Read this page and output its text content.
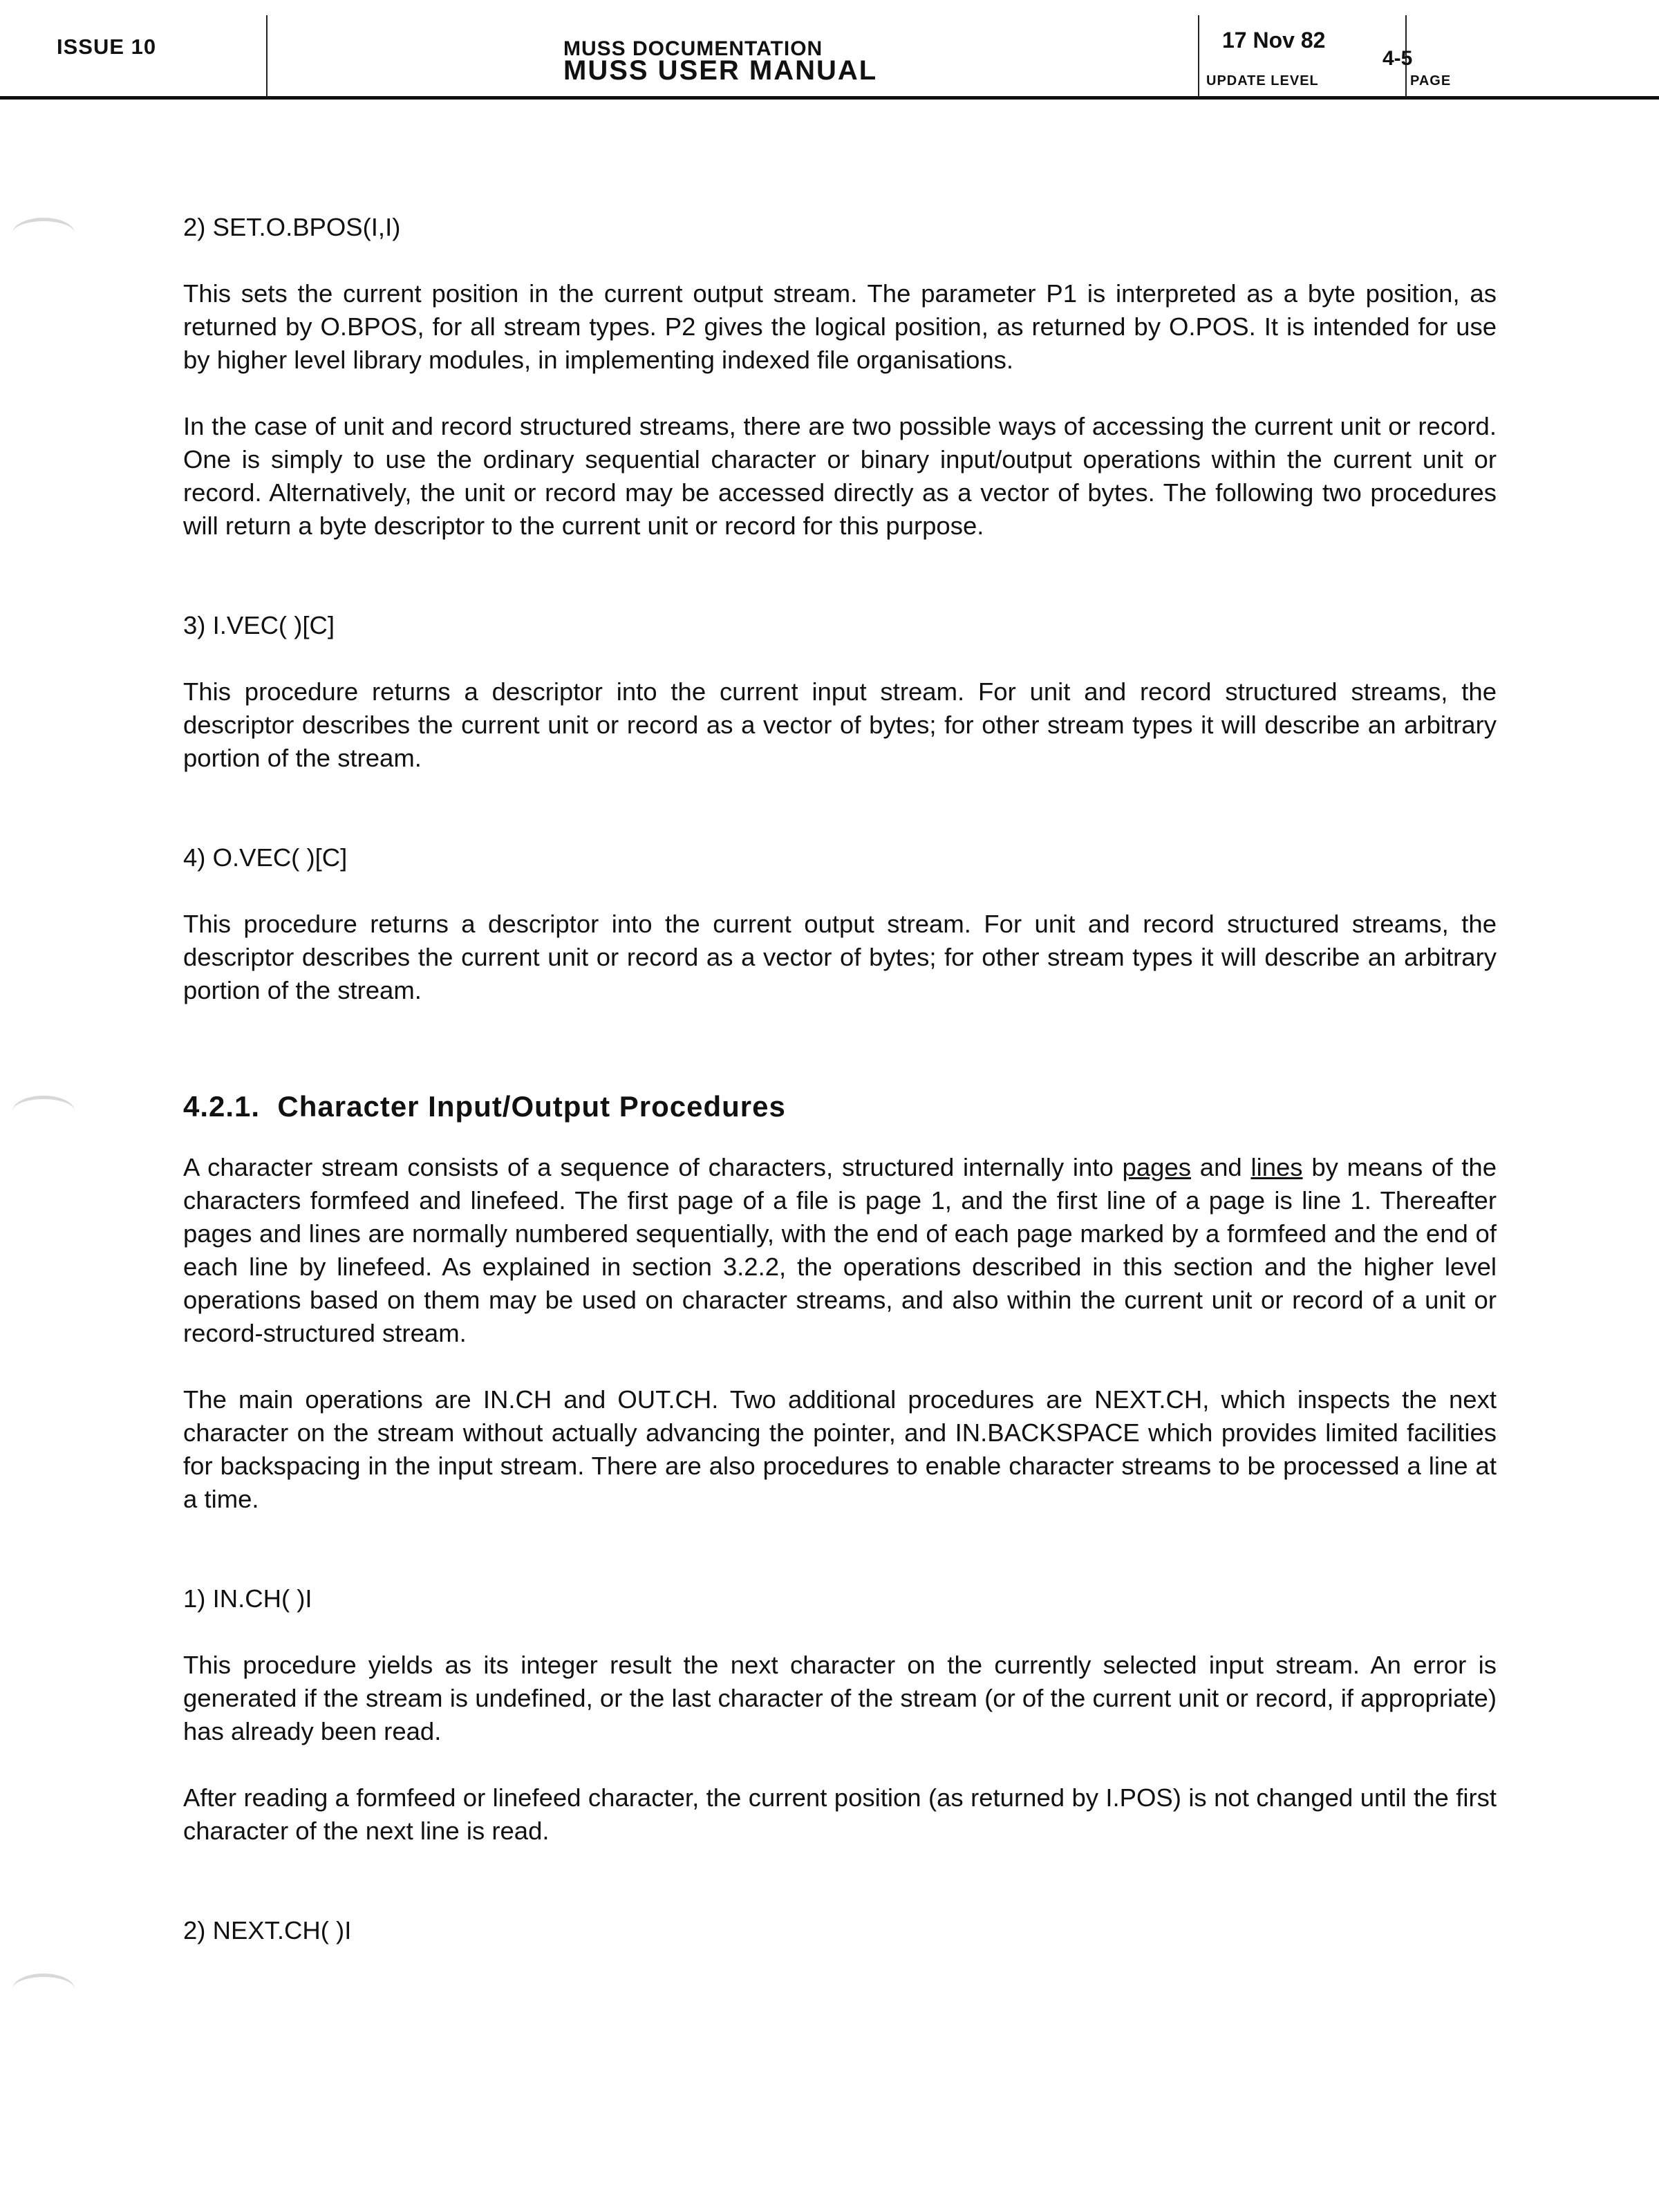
ISSUE 10	MUSS DOCUMENTATION
MUSS USER MANUAL
17 Nov 82
UPDATE LEVEL
4-5
PAGE

2) SET.O.BPOS(I,I)

This sets the current position in the current output stream. The parameter P1 is interpreted as a byte position, as returned by O.BPOS, for all stream types. P2 gives the logical position, as returned by O.POS. It is intended for use by higher level library modules, in implementing indexed file organisations.

In the case of unit and record structured streams, there are two possible ways of accessing the current unit or record. One is simply to use the ordinary sequential character or binary input/output operations within the current unit or record. Alternatively, the unit or record may be accessed directly as a vector of bytes. The following two procedures will return a byte descriptor to the current unit or record for this purpose.

3) I.VEC( )[C]

This procedure returns a descriptor into the current input stream. For unit and record structured streams, the descriptor describes the current unit or record as a vector of bytes; for other stream types it will describe an arbitrary portion of the stream.

4) O.VEC( )[C]

This procedure returns a descriptor into the current output stream. For unit and record structured streams, the descriptor describes the current unit or record as a vector of bytes; for other stream types it will describe an arbitrary portion of the stream.

4.2.1.  Character Input/Output Procedures

A character stream consists of a sequence of characters, structured internally into pages and lines by means of the characters formfeed and linefeed. The first page of a file is page 1, and the first line of a page is line 1. Thereafter pages and lines are normally numbered sequentially, with the end of each page marked by a formfeed and the end of each line by linefeed. As explained in section 3.2.2, the operations described in this section and the higher level operations based on them may be used on character streams, and also within the current unit or record of a unit or record-structured stream.

The main operations are IN.CH and OUT.CH. Two additional procedures are NEXT.CH, which inspects the next character on the stream without actually advancing the pointer, and IN.BACKSPACE which provides limited facilities for backspacing in the input stream. There are also procedures to enable character streams to be processed a line at a time.

1) IN.CH( )I

This procedure yields as its integer result the next character on the currently selected input stream. An error is generated if the stream is undefined, or the last character of the stream (or of the current unit or record, if appropriate) has already been read.

After reading a formfeed or linefeed character, the current position (as returned by I.POS) is not changed until the first character of the next line is read.

2) NEXT.CH( )I
